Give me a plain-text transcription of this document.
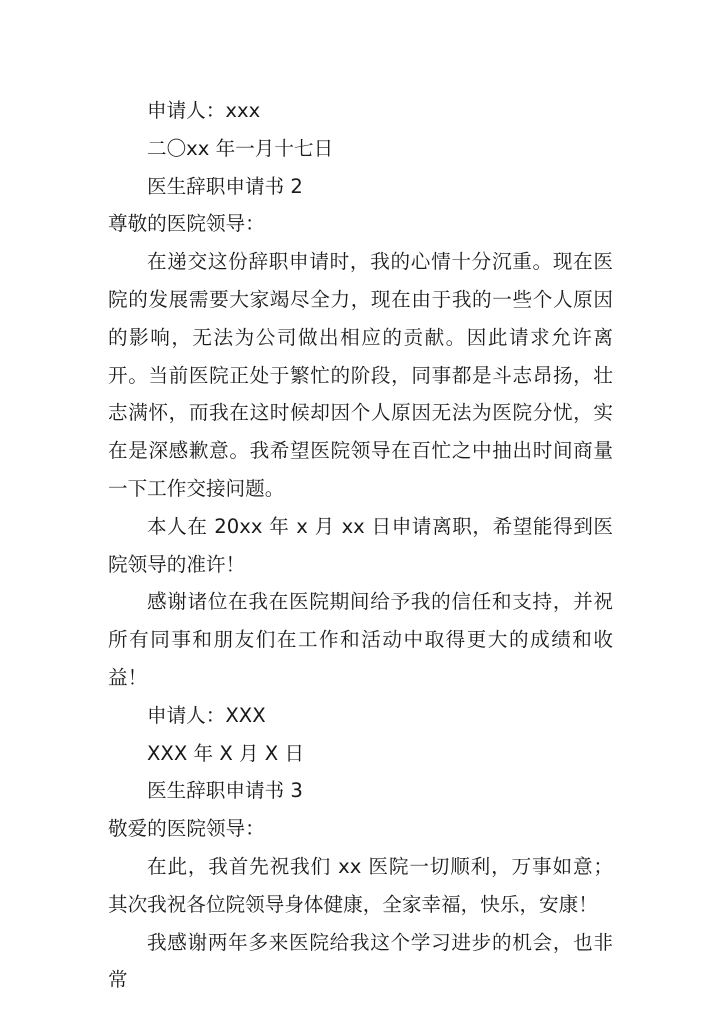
申请人：xxx

二〇xx 年一月十七日

医生辞职申请书 2

尊敬的医院领导：

在递交这份辞职申请时，我的心情十分沉重。现在医院的发展需要大家竭尽全力，现在由于我的一些个人原因的影响，无法为公司做出相应的贡献。因此请求允许离开。当前医院正处于繁忙的阶段，同事都是斗志昂扬，壮志满怀，而我在这时候却因个人原因无法为医院分忧，实在是深感歉意。我希望医院领导在百忙之中抽出时间商量一下工作交接问题。

本人在 20xx 年 x 月 xx 日申请离职，希望能得到医院领导的准许！

感谢诸位在我在医院期间给予我的信任和支持，并祝所有同事和朋友们在工作和活动中取得更大的成绩和收益！

申请人：XXX

XXX 年 X 月 X 日

医生辞职申请书 3

敬爱的医院领导：

在此，我首先祝我们 xx 医院一切顺利，万事如意；其次我祝各位院领导身体健康，全家幸福，快乐，安康！

我感谢两年多来医院给我这个学习进步的机会，也非常
